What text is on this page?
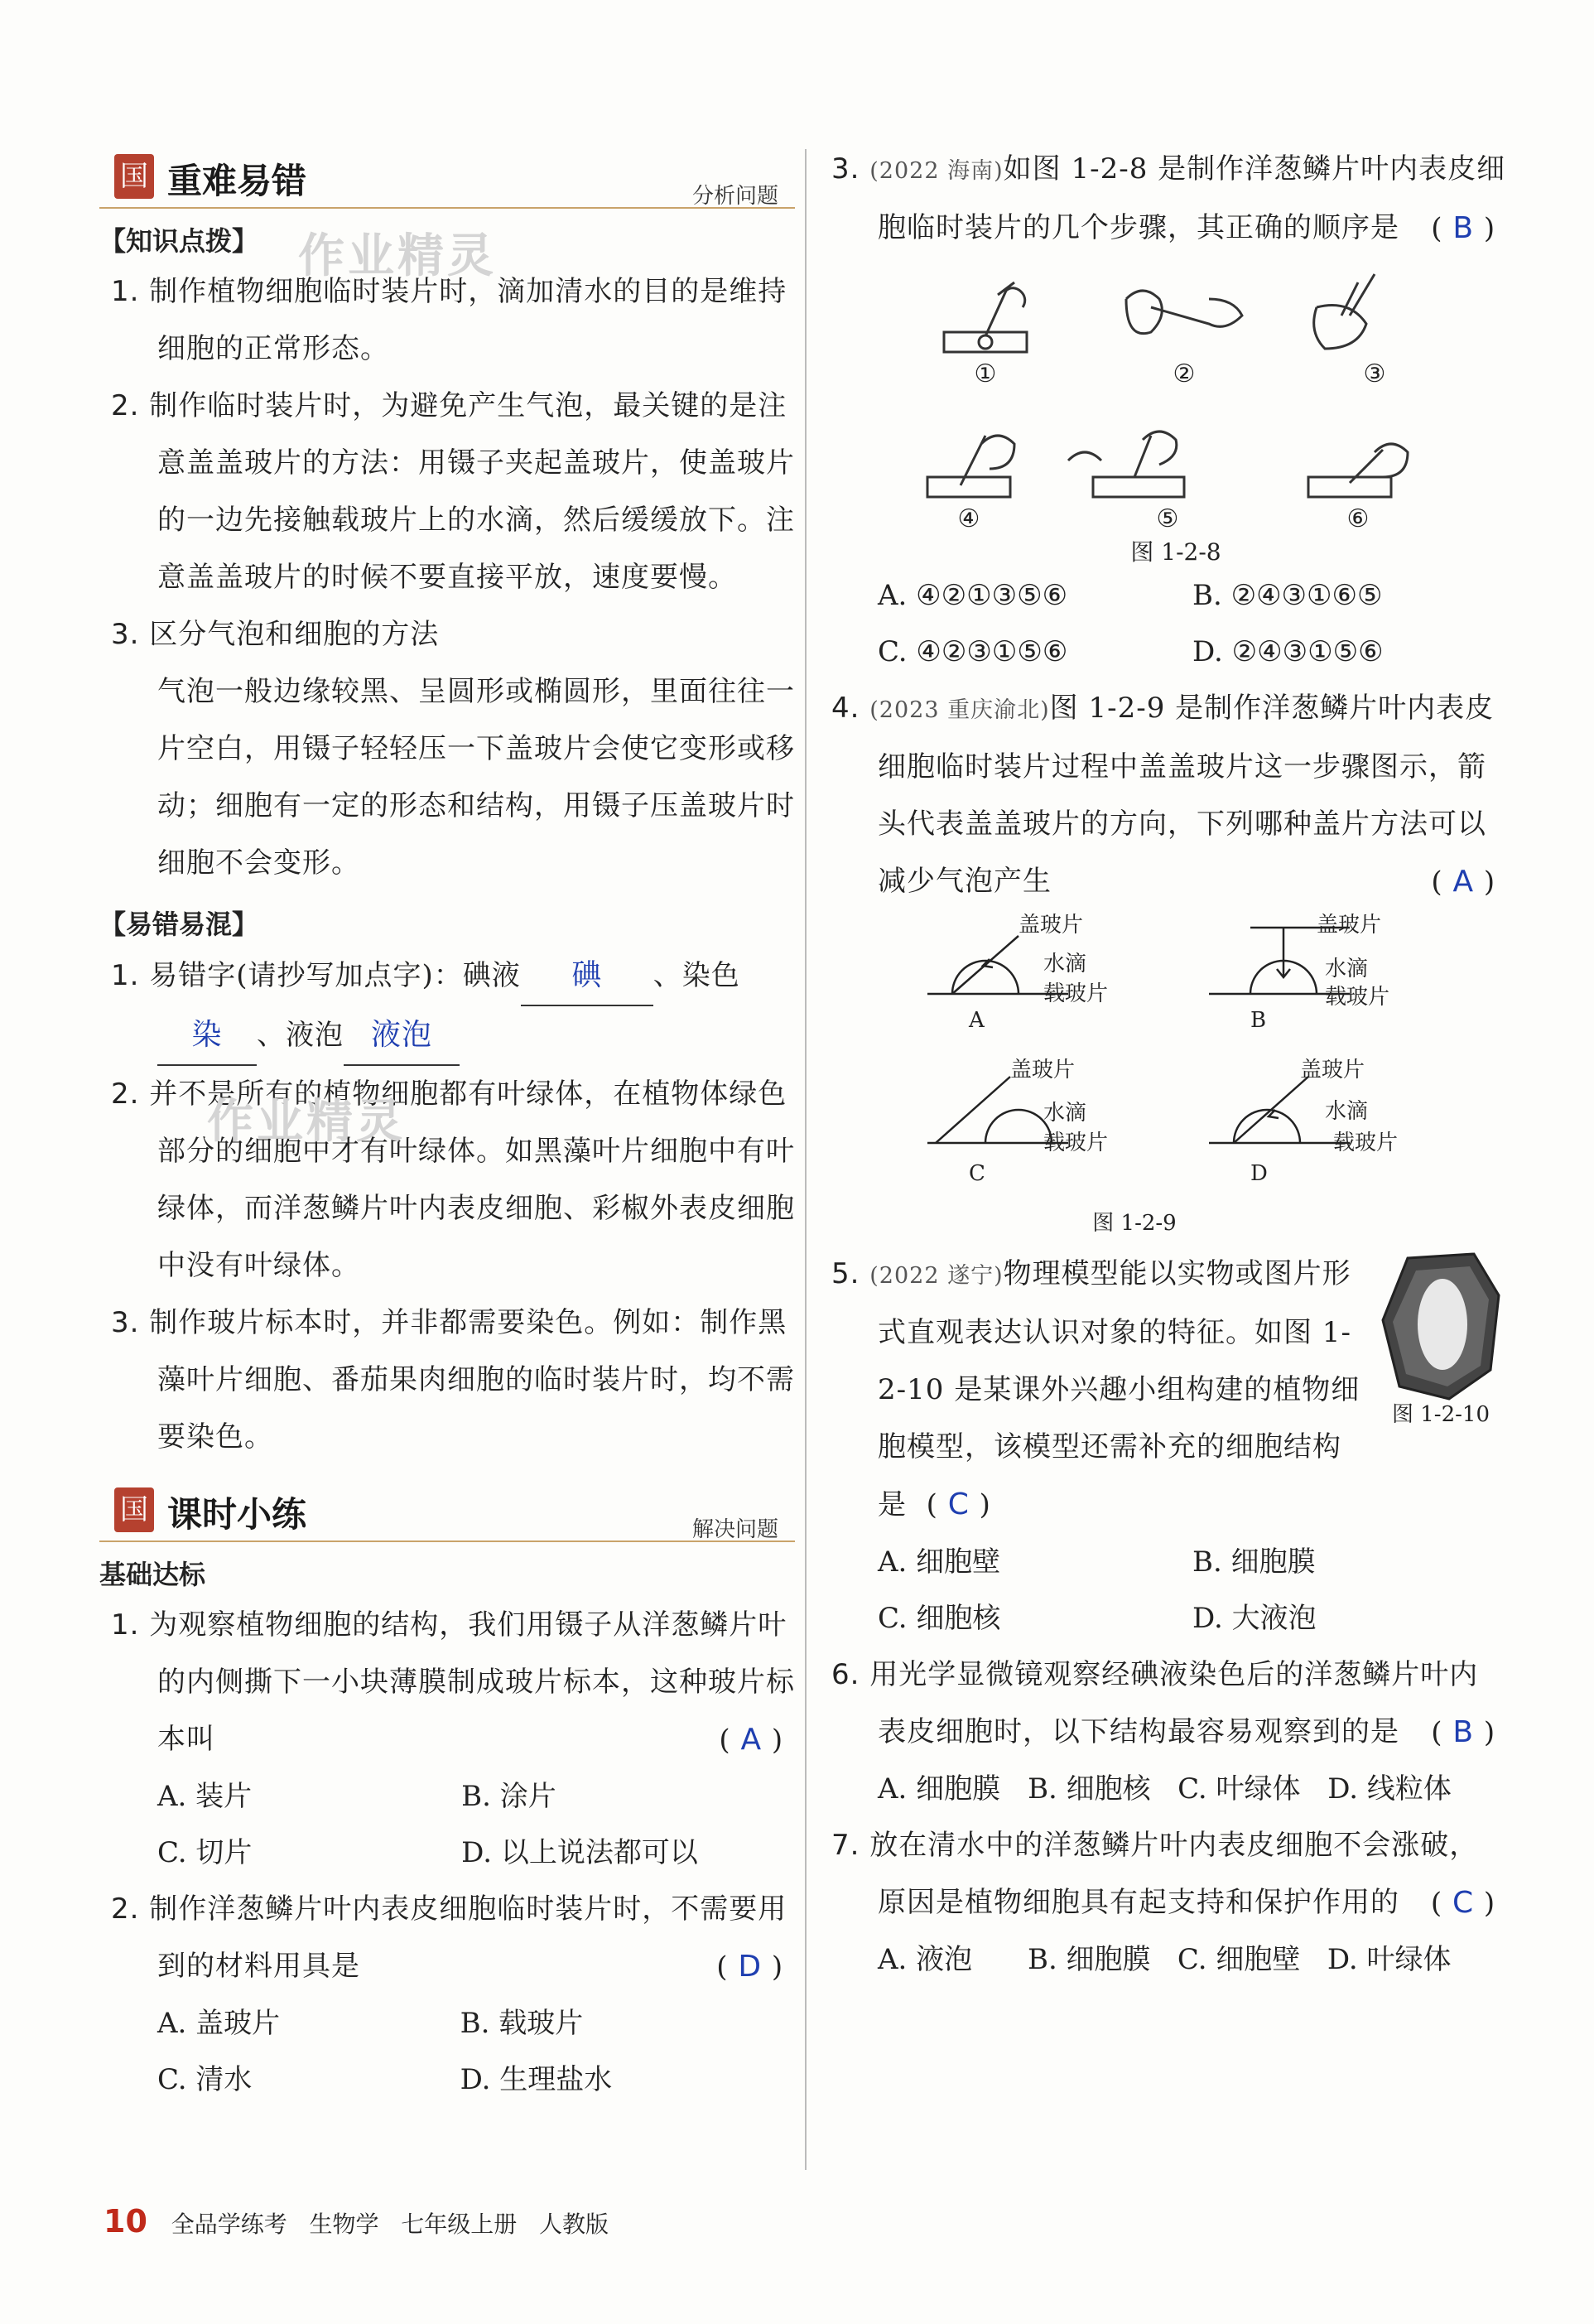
国 重难易错	分析问题
【知识点拨】

1. 制作植物细胞临时装片时，滴加清水的目的是维持细胞的正常形态。

2. 制作临时装片时，为避免产生气泡，最关键的是注意盖盖玻片的方法：用镊子夹起盖玻片，使盖玻片的一边先接触载玻片上的水滴，然后缓缓放下。注意盖盖玻片的时候不要直接平放，速度要慢。

3. 区分气泡和细胞的方法

气泡一般边缘较黑、呈圆形或椭圆形，里面往往一片空白，用镊子轻轻压一下盖玻片会使它变形或移动；细胞有一定的形态和结构，用镊子压盖玻片时细胞不会变形。

【易错易混】

1. 易错字(请抄写加点字)：碘液 碘 、染色染 、液泡 液泡

2. 并不是所有的植物细胞都有叶绿体，在植物体绿色部分的细胞中才有叶绿体。如黑藻叶片细胞中有叶绿体，而洋葱鳞片叶内表皮细胞、彩椒外表皮细胞中没有叶绿体。

3. 制作玻片标本时，并非都需要染色。例如：制作黑藻叶片细胞、番茄果肉细胞的临时装片时，均不需要染色。

国 课时小练	解决问题
基础达标

1. 为观察植物细胞的结构，我们用镊子从洋葱鳞片叶的内侧撕下一小块薄膜制成玻片标本，这种玻片标本叫	( A )

A. 装片	B. 涂片
C. 切片	D. 以上说法都可以

2. 制作洋葱鳞片叶内表皮细胞临时装片时，不需要用到的材料用具是	( D )

A. 盖玻片	B. 载玻片
C. 清水	D. 生理盐水

3. (2022 海南)如图 1-2-8 是制作洋葱鳞片叶内表皮细胞临时装片的几个步骤，其正确的顺序是 ( B )

①	②	③
④	⑤	⑥
图 1-2-8
A. ④②①③⑤⑥	B. ②④③①⑥⑤
C. ④②③①⑤⑥	D. ②④③①⑤⑥

4. (2023 重庆渝北)图 1-2-9 是制作洋葱鳞片叶内表皮细胞临时装片过程中盖盖玻片这一步骤图示，箭头代表盖盖玻片的方向，下列哪种盖片方法可以减少气泡产生	( A )

盖玻片
水滴
载玻片
盖玻片
水滴
载玻片
盖玻片
水滴
载玻片
盖玻片
水滴
载玻片
A	B
C	D
图 1-2-9

5. (2022 遂宁)物理模型能以实物或图片形式直观表达认识对象的特征。如图 1-2-10 是某课外兴趣小组构建的植物细胞模型，该模型还需补充的细胞结构是  ( C )

图 1-2-10
A. 细胞壁	B. 细胞膜
C. 细胞核	D. 大液泡

6. 用光学显微镜观察经碘液染色后的洋葱鳞片叶内表皮细胞时，以下结构最容易观察到的是 ( B )

A. 细胞膜 B. 细胞核 C. 叶绿体 D. 线粒体

7. 放在清水中的洋葱鳞片叶内表皮细胞不会涨破，原因是植物细胞具有起支持和保护作用的 ( C )

A. 液泡	B. 细胞膜 C. 细胞壁 D. 叶绿体
作业精灵
作业精灵
10 全品学练考 生物学 七年级上册 人教版
